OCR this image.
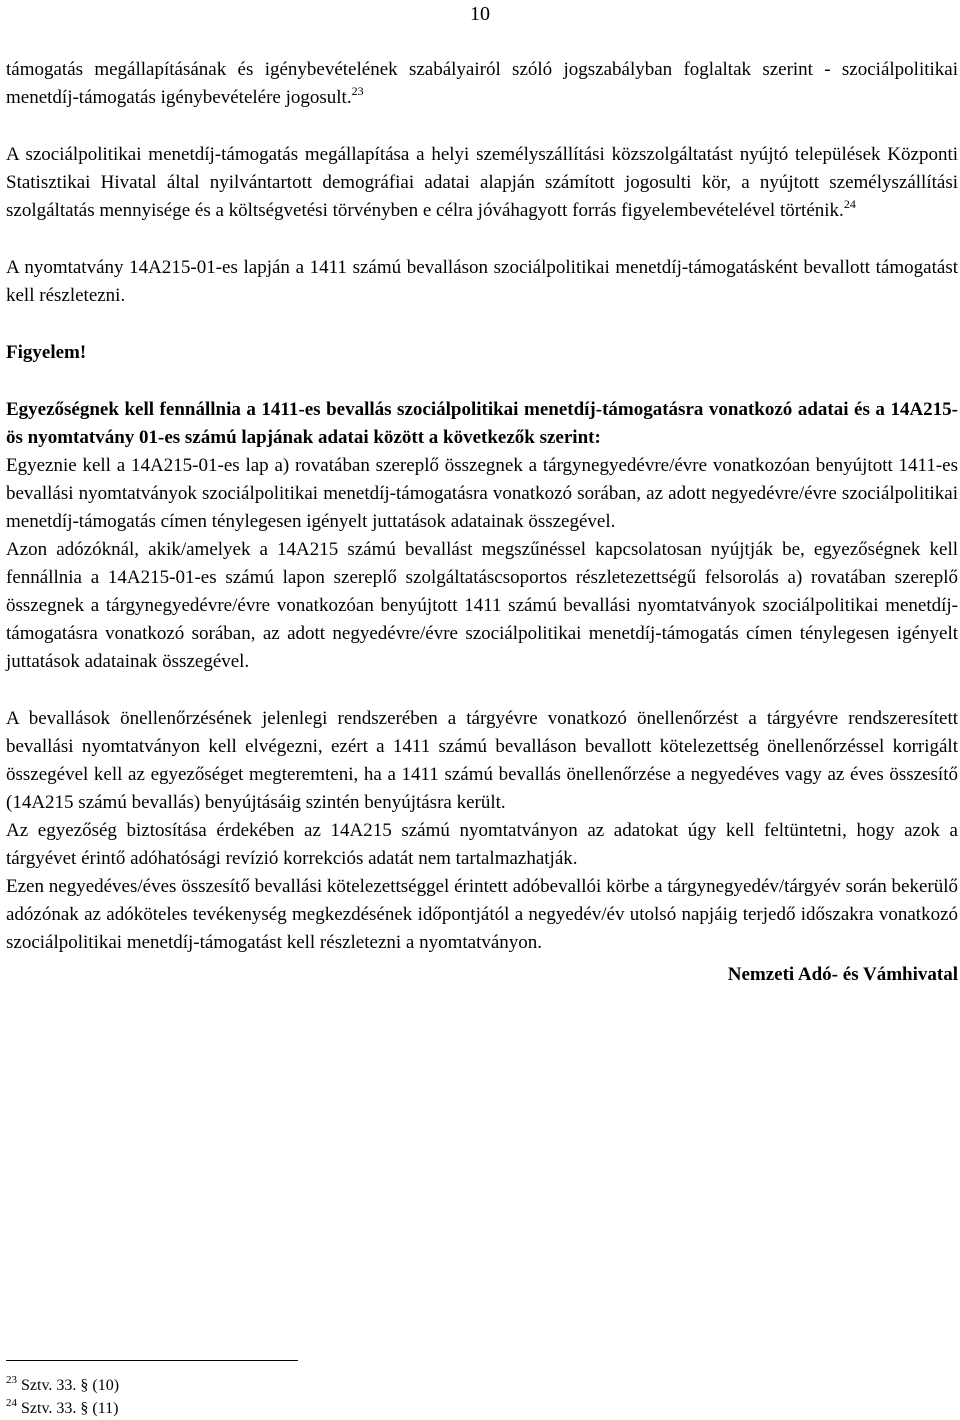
10

támogatás megállapításának és igénybevételének szabályairól szóló jogszabályban foglaltak szerint - szociálpolitikai menetdíj-támogatás igénybevételére jogosult.$^{23}$

A szociálpolitikai menetdíj-támogatás megállapítása a helyi személyszállítási közszolgáltatást nyújtó települések Központi Statisztikai Hivatal által nyilvántartott demográfiai adatai alapján számított jogosulti kör, a nyújtott személyszállítási szolgáltatás mennyisége és a költségvetési törvényben e célra jóváhagyott forrás figyelembevételével történik.$^{24}$

A nyomtatvány 14A215-01-es lapján a 1411 számú bevalláson szociálpolitikai menetdíj-támogatásként bevallott támogatást kell részletezni.

Figyelem!

Egyezőségnek kell fennállnia a 1411-es bevallás szociálpolitikai menetdíj-támogatásra vonatkozó adatai és a 14A215-ös nyomtatvány 01-es számú lapjának adatai között a következők szerint:

Egyeznie kell a 14A215-01-es lap a) rovatában szereplő összegnek a tárgynegyedévre/évre vonatkozóan benyújtott 1411-es bevallási nyomtatványok szociálpolitikai menetdíj-támogatásra vonatkozó sorában, az adott negyedévre/évre szociálpolitikai menetdíj-támogatás címen ténylegesen igényelt juttatások adatainak összegével.

Azon adózóknál, akik/amelyek a 14A215 számú bevallást megszűnéssel kapcsolatosan nyújtják be, egyezőségnek kell fennállnia a 14A215-01-es számú lapon szereplő szolgáltatáscsoportos részletezettségű felsorolás a) rovatában szereplő összegnek a tárgynegyedévre/évre vonatkozóan benyújtott 1411 számú bevallási nyomtatványok szociálpolitikai menetdíj-támogatásra vonatkozó sorában, az adott negyedévre/évre szociálpolitikai menetdíj-támogatás címen ténylegesen igényelt juttatások adatainak összegével.

A bevallások önellenőrzésének jelenlegi rendszerében a tárgyévre vonatkozó önellenőrzést a tárgyévre rendszeresített bevallási nyomtatványon kell elvégezni, ezért a 1411 számú bevalláson bevallott kötelezettség önellenőrzéssel korrigált összegével kell az egyezőséget megteremteni, ha a 1411 számú bevallás önellenőrzése a negyedéves vagy az éves összesítő (14A215 számú bevallás) benyújtásáig szintén benyújtásra került.

Az egyezőség biztosítása érdekében az 14A215 számú nyomtatványon az adatokat úgy kell feltüntetni, hogy azok a tárgyévet érintő adóhatósági revízió korrekciós adatát nem tartalmazhatják.

Ezen negyedéves/éves összesítő bevallási kötelezettséggel érintett adóbevallói körbe a tárgynegyedév/tárgyév során bekerülő adózónak az adóköteles tevékenység megkezdésének időpontjától a negyedév/év utolsó napjáig terjedő időszakra vonatkozó szociálpolitikai menetdíj-támogatást kell részletezni a nyomtatványon.

Nemzeti Adó- és Vámhivatal

$^{23}$ Sztv. 33. § (10)
$^{24}$ Sztv. 33. § (11)
